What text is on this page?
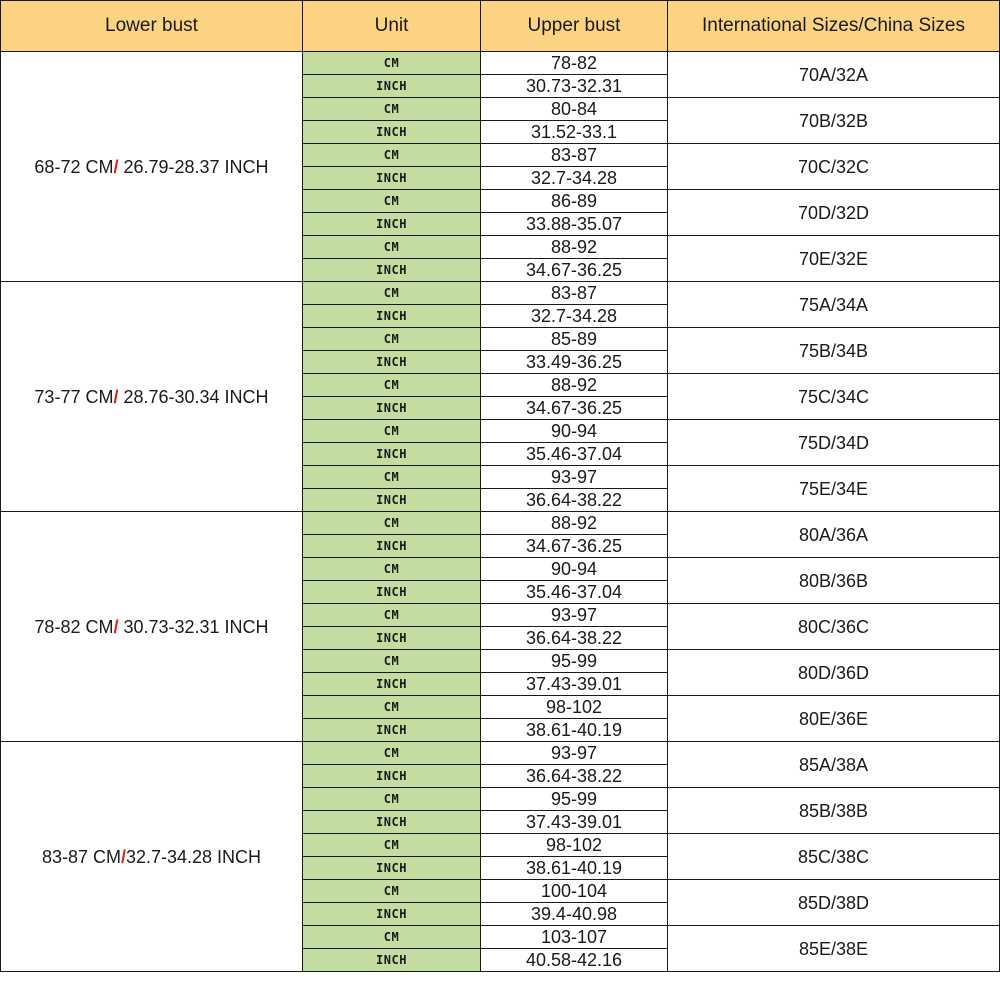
Lower bust	Unit	Upper bust	International Sizes/China Sizes
68-72 CM/ 26.79-28.37 INCH	CM	78-82	70A/32A
	INCH	30.73-32.31	
	CM	80-84	70B/32B
	INCH	31.52-33.1	
	CM	83-87	70C/32C
	INCH	32.7-34.28	
	CM	86-89	70D/32D
	INCH	33.88-35.07	
	CM	88-92	70E/32E
	INCH	34.67-36.25	
73-77 CM/ 28.76-30.34 INCH	CM	83-87	75A/34A
	INCH	32.7-34.28	
	CM	85-89	75B/34B
	INCH	33.49-36.25	
	CM	88-92	75C/34C
	INCH	34.67-36.25	
	CM	90-94	75D/34D
	INCH	35.46-37.04	
	CM	93-97	75E/34E
	INCH	36.64-38.22	
78-82 CM/ 30.73-32.31 INCH	CM	88-92	80A/36A
	INCH	34.67-36.25	
	CM	90-94	80B/36B
	INCH	35.46-37.04	
	CM	93-97	80C/36C
	INCH	36.64-38.22	
	CM	95-99	80D/36D
	INCH	37.43-39.01	
	CM	98-102	80E/36E
	INCH	38.61-40.19	
83-87 CM/32.7-34.28 INCH	CM	93-97	85A/38A
	INCH	36.64-38.22	
	CM	95-99	85B/38B
	INCH	37.43-39.01	
	CM	98-102	85C/38C
	INCH	38.61-40.19	
	CM	100-104	85D/38D
	INCH	39.4-40.98	
	CM	103-107	85E/38E
	INCH	40.58-42.16	
